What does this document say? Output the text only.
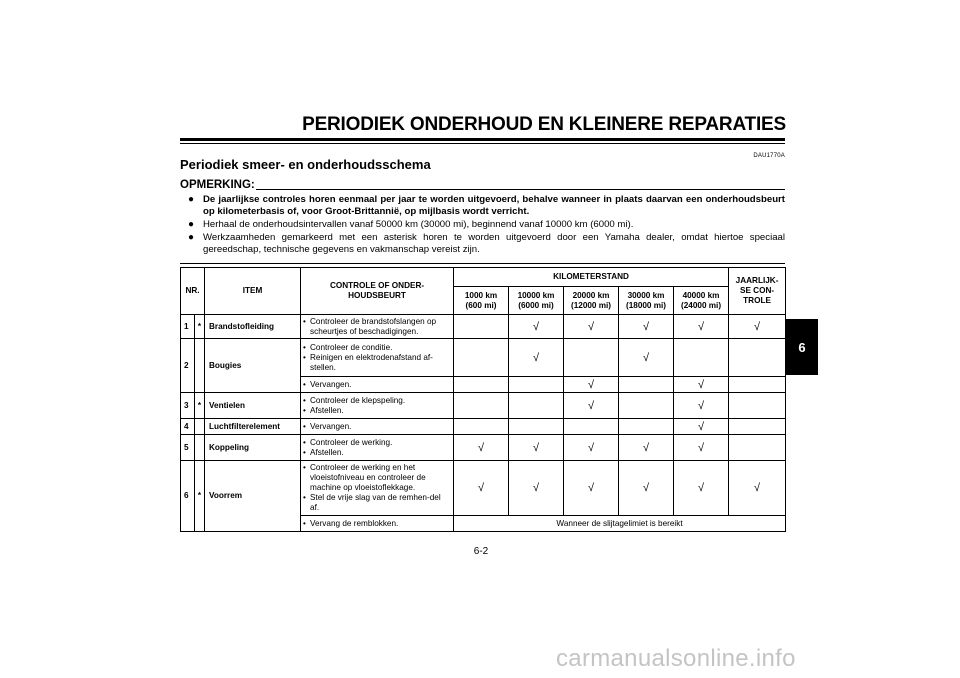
PERIODIEK ONDERHOUD EN KLEINERE REPARATIES
DAU1770A
Periodiek smeer- en onderhoudsschema
OPMERKING:
● De jaarlijkse controles horen eenmaal per jaar te worden uitgevoerd, behalve wanneer in plaats daarvan een onderhoudsbeurt op kilometerbasis of, voor Groot-Brittannië, op mijlbasis wordt verricht.
● Herhaal de onderhoudsintervallen vanaf 50000 km (30000 mi), beginnend vanaf 10000 km (6000 mi).
● Werkzaamheden gemarkeerd met een asterisk horen te worden uitgevoerd door een Yamaha dealer, omdat hiertoe speciaal gereedschap, technische gegevens en vakmanschap vereist zijn.
NR.		ITEM	CONTROLE OF ONDER-HOUDSBEURT	KILOMETERSTAND					JAARLIJK-SE CON-TROLE
				1000 km (600 mi)	10000 km (6000 mi)	20000 km (12000 mi)	30000 km (18000 mi)	40000 km (24000 mi)	
1	*	Brandstofleiding	• Controleer de brandstofslangen op scheurtjes of beschadigingen.		√	√	√	√	√
2		Bougies	• Controleer de conditie.
• Reinigen en elektrodenafstand af-stellen.		√		√		

			• Vervangen.			√		√	
3	*	Ventielen	• Controleer de klepspeling.
• Afstellen.			√		√	
4		Luchtfilterelement	• Vervangen.					√	
5		Koppeling	• Controleer de werking.
• Afstellen.	√	√	√	√	√	
6	*	Voorrem	• Controleer de werking en het vloeistofniveau en controleer de machine op vloeistoflekkage.
• Stel de vrije slag van de remhen-del af.	√	√	√	√	√	√

			• Vervang de remblokken.	Wanneer de slijtagelimiet is bereikt					
6
6-2
carmanualsonline.info
